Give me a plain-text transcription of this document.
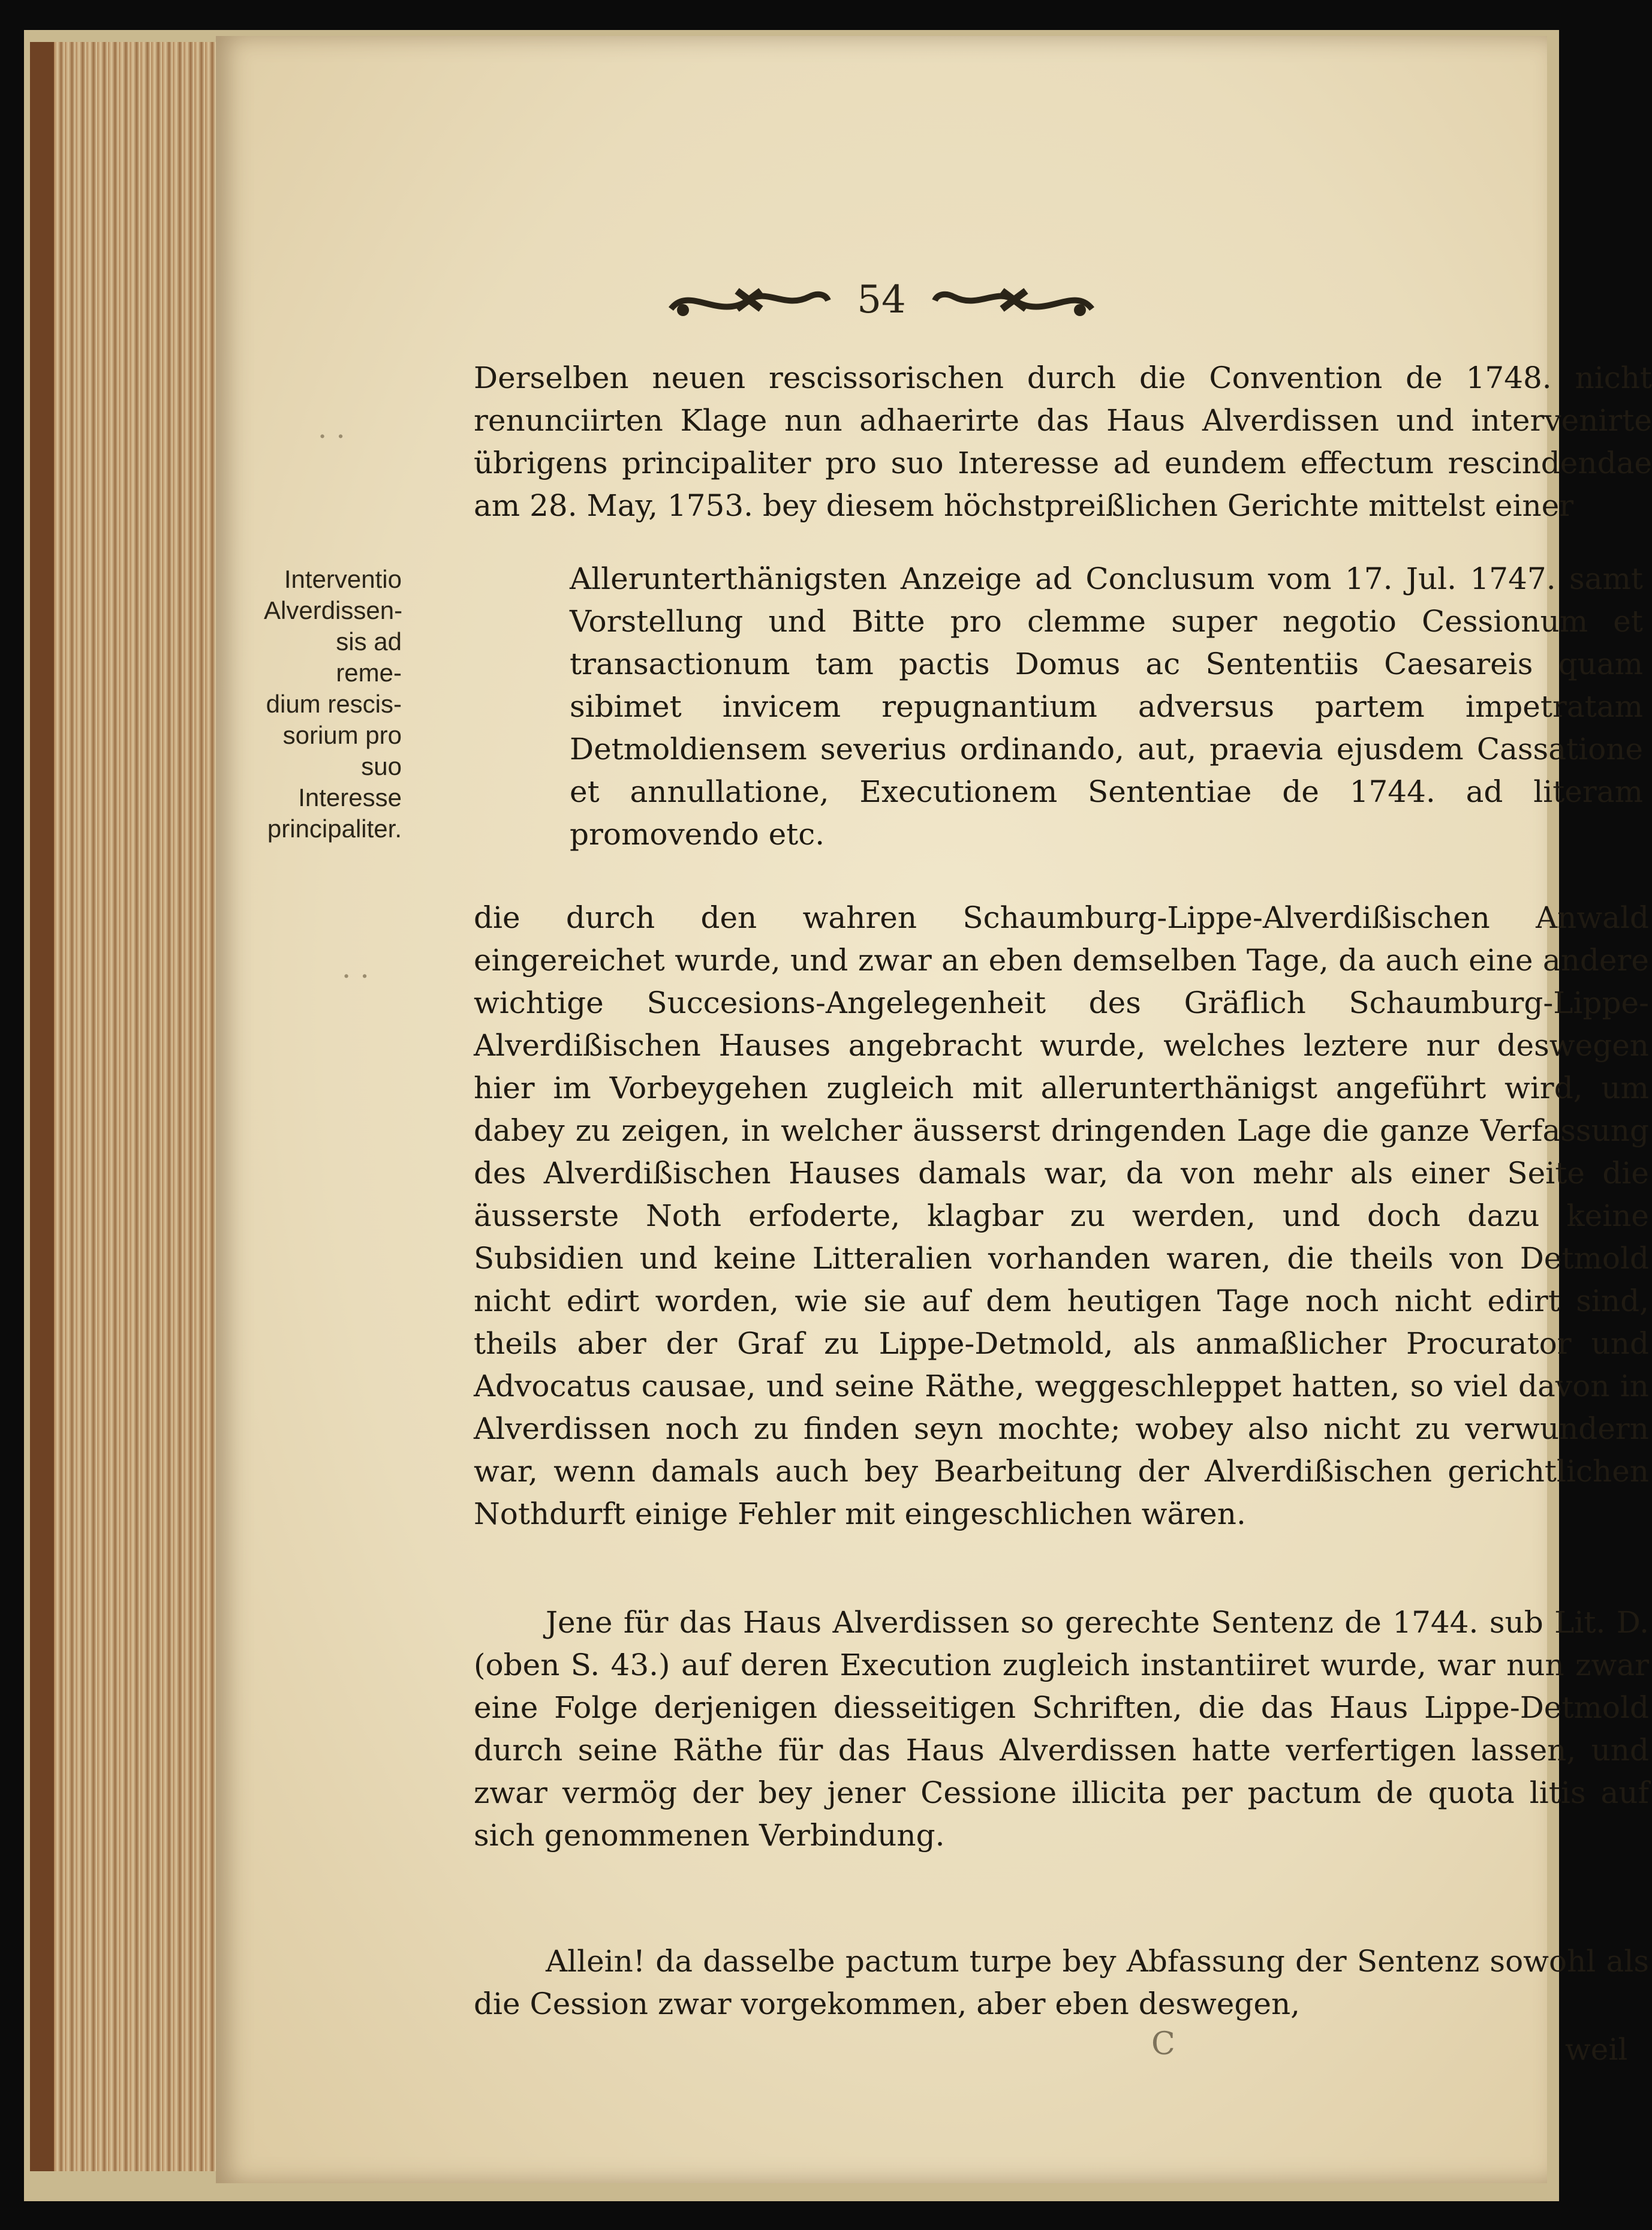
54
· ·
· ·
Interventio
Alverdissen-
sis ad reme-
dium rescis-
sorium pro
suo Interesse
principaliter.

Derselben neuen rescissorischen durch die Convention de 1748. nicht renunciirten Klage nun adhaerirte das Haus Alverdissen und intervenirte übrigens principaliter pro suo Interesse ad eundem effectum rescindendae am 28. May, 1753. bey diesem höchstpreißlichen Gerichte mittelst einer

Allerunterthänigsten Anzeige ad Conclusum vom 17. Jul. 1747. samt Vorstellung und Bitte pro clemme super negotio Cessionum et transactionum tam pactis Domus ac Sententiis Caesareis quam sibimet invicem repugnantium adversus partem impetratam Detmoldiensem severius ordinando, aut, praevia ejusdem Cassatione et annullatione, Executionem Sententiae de 1744. ad literam promovendo etc.

die durch den wahren Schaumburg-Lippe-Alverdißischen Anwald eingereichet wurde, und zwar an eben demselben Tage, da auch eine andere wichtige Succesions-Angelegenheit des Gräflich Schaumburg-Lippe-Alverdißischen Hauses angebracht wurde, welches leztere nur deswegen hier im Vorbeygehen zugleich mit allerunterthänigst angeführt wird, um dabey zu zeigen, in welcher äusserst dringenden Lage die ganze Verfassung des Alverdißischen Hauses damals war, da von mehr als einer Seite die äusserste Noth erfoderte, klagbar zu werden, und doch dazu keine Subsidien und keine Litteralien vorhanden waren, die theils von Detmold nicht edirt worden, wie sie auf dem heutigen Tage noch nicht edirt sind, theils aber der Graf zu Lippe-Detmold, als anmaßlicher Procurator und Advocatus causae, und seine Räthe, weggeschleppet hatten, so viel davon in Alverdissen noch zu finden seyn mochte; wobey also nicht zu verwundern war, wenn damals auch bey Bearbeitung der Alverdißischen gerichtlichen Nothdurft einige Fehler mit eingeschlichen wären.

Jene für das Haus Alverdissen so gerechte Sentenz de 1744. sub Lit. D. (oben S. 43.) auf deren Execution zugleich instantiiret wurde, war nun zwar eine Folge derjenigen diesseitigen Schriften, die das Haus Lippe-Detmold durch seine Räthe für das Haus Alverdissen hatte verfertigen lassen, und zwar vermög der bey jener Cessione illicita per pactum de quota litis auf sich genommenen Verbindung.

Allein! da dasselbe pactum turpe bey Abfassung der Sentenz sowohl als die Cession zwar vorgekommen, aber eben deswegen,

C	weil
